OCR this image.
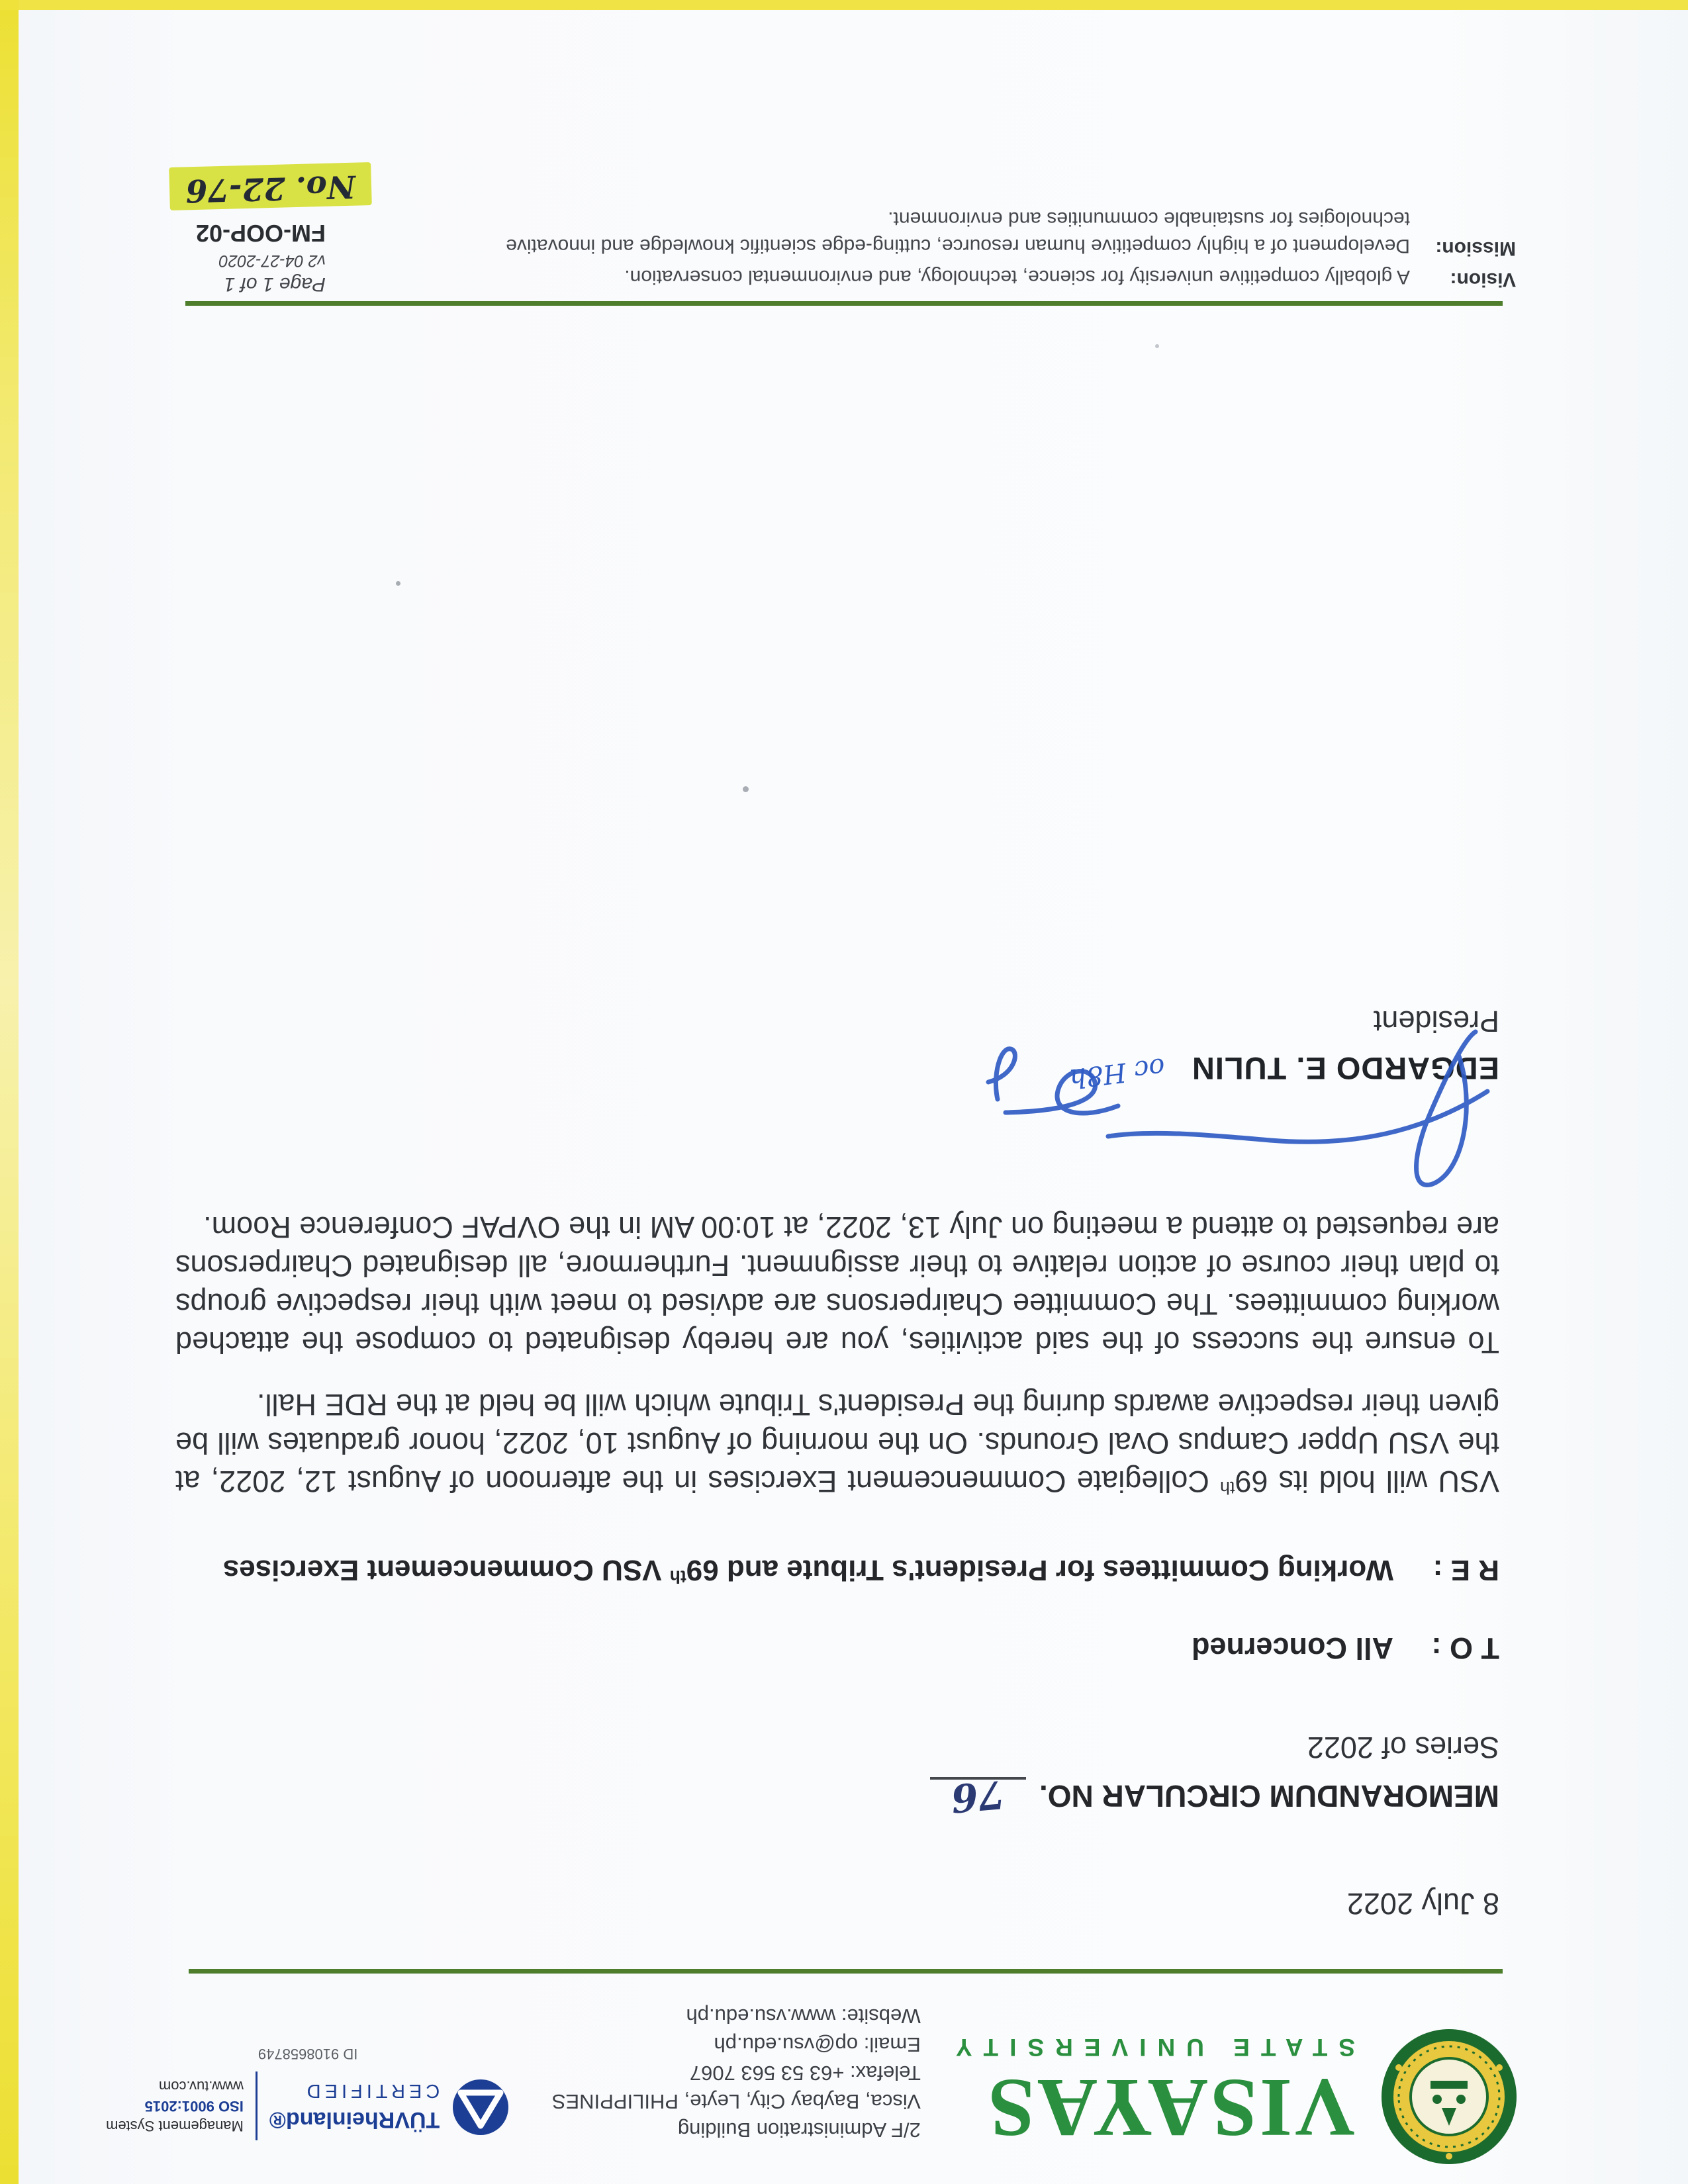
VISAYAS
STATE UNIVERSITY
2/F Administration Building
Visca, Baybay City, Leyte, PHILIPPINES
Telefax: +63 53 563 7067
Email: op@vsu.edu.ph
Website: www.vsu.edu.ph
TÜVRheinland®
CERTIFIED
Management System
ISO 9001:2015
www.tuv.com
ID 9108658749
8 July 2022
MEMORANDUM CIRCULAR NO.
76
Series of 2022
T O :
All Concerned
R E :
Working Committees for President's Tribute and 69th VSU Commencement Exercises
VSU will hold its 69th Collegiate Commencement Exercises in the afternoon of August 12, 2022, at the VSU Upper Campus Oval Grounds. On the morning of August 10, 2022, honor graduates will be given their respective awards during the President's Tribute which will be held at the RDE Hall.
To ensure the success of the said activities, you are hereby designated to compose the attached working committees. The Committee Chairpersons are advised to meet with their respective groups to plan their course of action relative to their assignment. Furthermore, all designated Chairpersons are requested to attend a meeting on July 13, 2022, at 10:00 AM in the OVPAF Conference Room.
EDGARDO E. TULIN oc H8h
President
Vision:
A globally competitive university for science, technology, and environmental conservation.
Mission:
Development of a highly competitive human resource, cutting-edge scientific knowledge and innovative technologies for sustainable communities and environment.
Page 1 of 1
v2 04-27-2020
FM-OOP-02
No. 22-76
